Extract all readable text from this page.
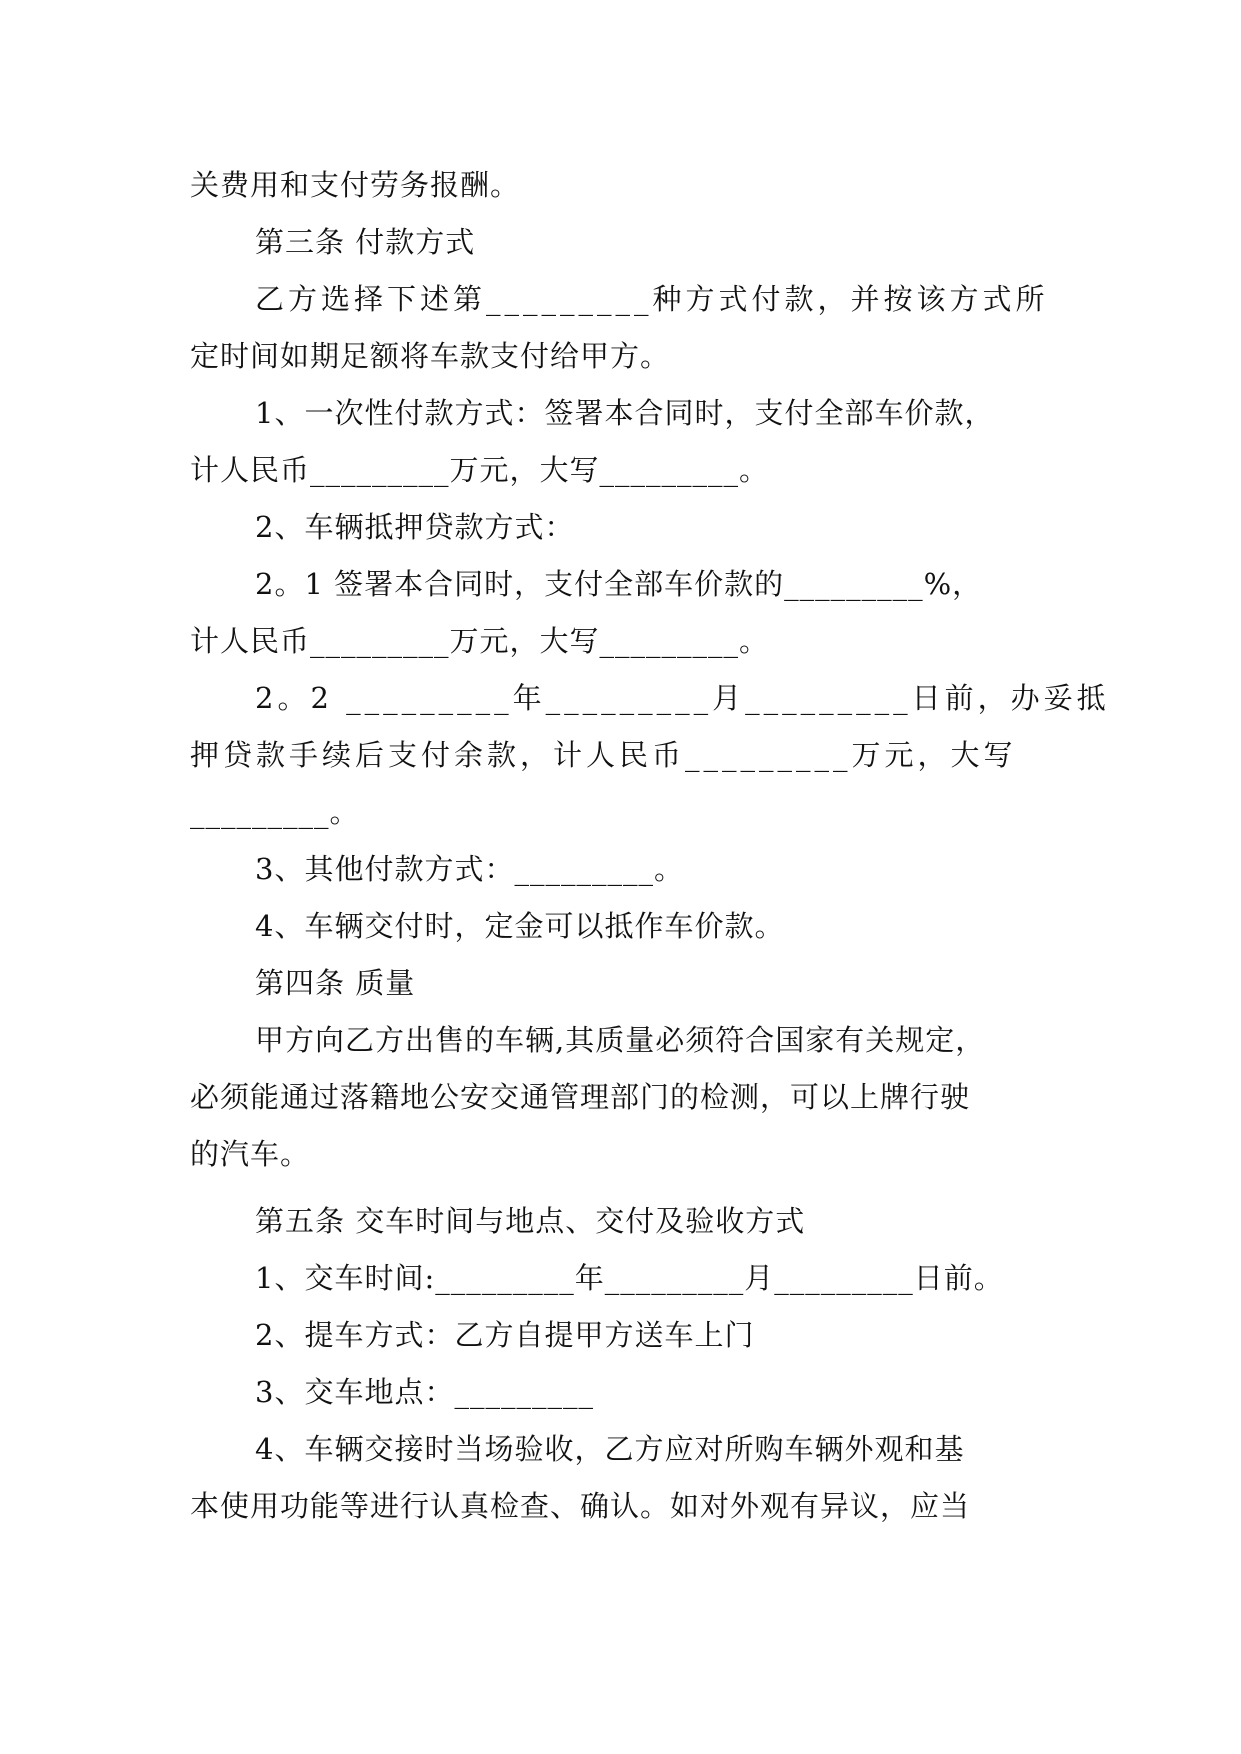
关费用和支付劳务报酬。
第三条 付款方式
乙方选择下述第_________种方式付款，并按该方式所
定时间如期足额将车款支付给甲方。
1、一次性付款方式：签署本合同时，支付全部车价款，
计人民币_________万元，大写_________。
2、车辆抵押贷款方式：
2。1 签署本合同时，支付全部车价款的_________%，
计人民币_________万元，大写_________。
2。2 _________年_________月_________日前，办妥抵
押贷款手续后支付余款，计人民币_________万元，大写
_________。
3、其他付款方式：_________。
4、车辆交付时，定金可以抵作车价款。
第四条 质量
甲方向乙方出售的车辆,其质量必须符合国家有关规定，
必须能通过落籍地公安交通管理部门的检测，可以上牌行驶
的汽车。
第五条 交车时间与地点、交付及验收方式
1、交车时间:_________年_________月_________日前。
2、提车方式：乙方自提甲方送车上门
3、交车地点：_________
4、车辆交接时当场验收，乙方应对所购车辆外观和基
本使用功能等进行认真检查、确认。如对外观有异议，应当
